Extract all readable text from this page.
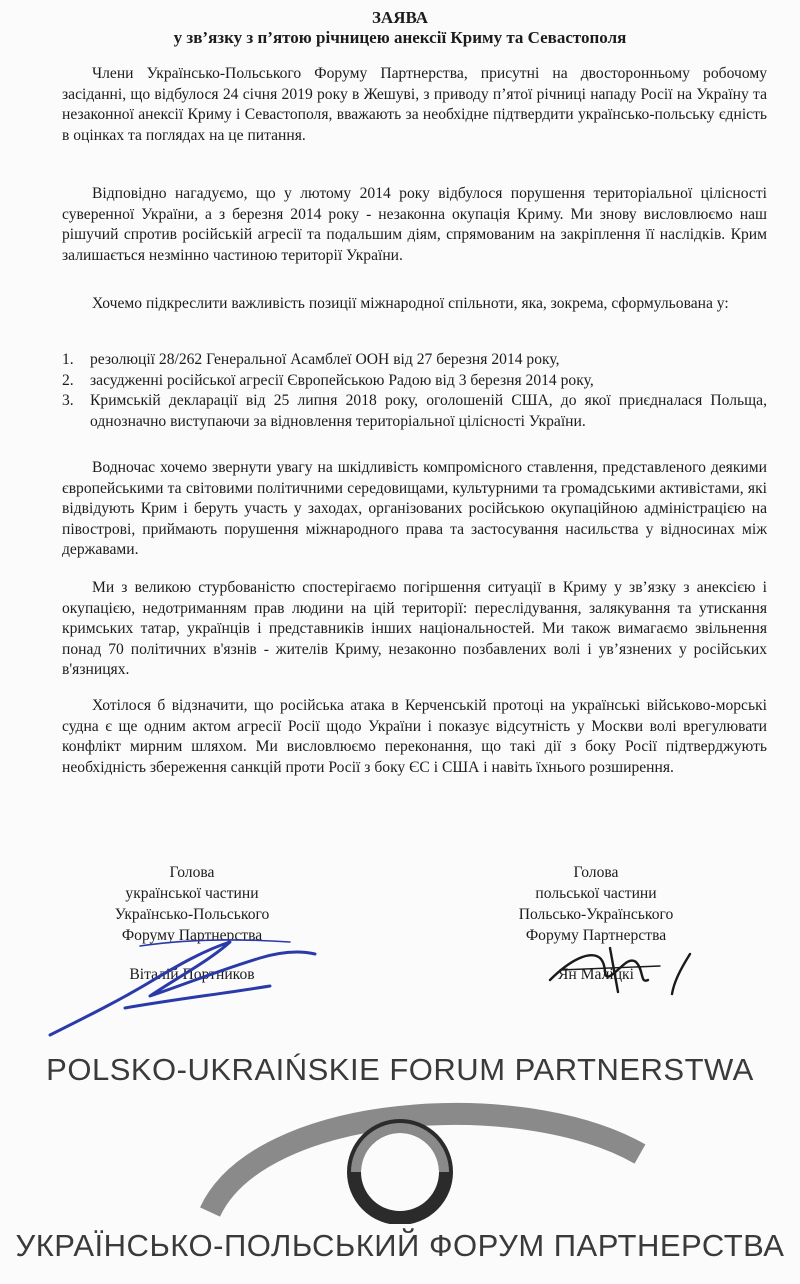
ЗАЯВА
у зв’язку з п’ятою річницею анексії Криму та Севастополя

Члени Українсько-Польського Форуму Партнерства, присутні на двосторонньому робочому засіданні, що відбулося 24 січня 2019 року в Жешуві, з приводу п’ятої річниці нападу Росії на Україну та незаконної анексії Криму і Севастополя, вважають за необхідне підтвердити українсько-польську єдність в оцінках та поглядах на це питання.

Відповідно нагадуємо, що у лютому 2014 року відбулося порушення територіальної цілісності суверенної України, а з березня 2014 року - незаконна окупація Криму. Ми знову висловлюємо наш рішучий спротив російській агресії та подальшим діям, спрямованим на закріплення її наслідків. Крим залишається незмінно частиною території України.

Хочемо підкреслити важливість позиції міжнародної спільноти, яка, зокрема, сформульована у:

1. резолюції 28/262 Генеральної Асамблеї ООН від 27 березня 2014 року,
2. засудженні російської агресії Європейською Радою від 3 березня 2014 року,
3. Кримській декларації від 25 липня 2018 року, оголошеній США, до якої приєдналася Польща, однозначно виступаючи за відновлення територіальної цілісності України.

Водночас хочемо звернути увагу на шкідливість компромісного ставлення, представленого деякими європейськими та світовими політичними середовищами, культурними та громадськими активістами, які відвідують Крим і беруть участь у заходах, організованих російською окупаційною адміністрацією на півострові, приймають порушення міжнародного права та застосування насильства у відносинах між державами.

Ми з великою стурбованістю спостерігаємо погіршення ситуації в Криму у зв’язку з анексією і окупацією, недотриманням прав людини на цій території: переслідування, залякування та утискання кримських татар, українців і представників інших національностей. Ми також вимагаємо звільнення понад 70 політичних в'язнів - жителів Криму, незаконно позбавлених волі і ув’язнених у російських в'язницях.

Хотілося б відзначити, що російська атака в Керченській протоці на українські військово-морські судна є ще одним актом агресії Росії щодо України і показує відсутність у Москви волі врегулювати конфлікт мирним шляхом. Ми висловлюємо переконання, що такі дії з боку Росії підтверджують необхідність збереження санкцій проти Росії з боку ЄС і США і навіть їхнього розширення.

Голова
української частини
Українсько-Польського
Форуму Партнерства
Віталій Портников
Голова
польської частини
Польсько-Українського
Форуму Партнерства
Ян Маліцкі
POLSKO-UKRAIŃSKIE FORUM PARTNERSTWA
УКРАЇНСЬКО-ПОЛЬСЬКИЙ ФОРУМ ПАРТНЕРСТВА
